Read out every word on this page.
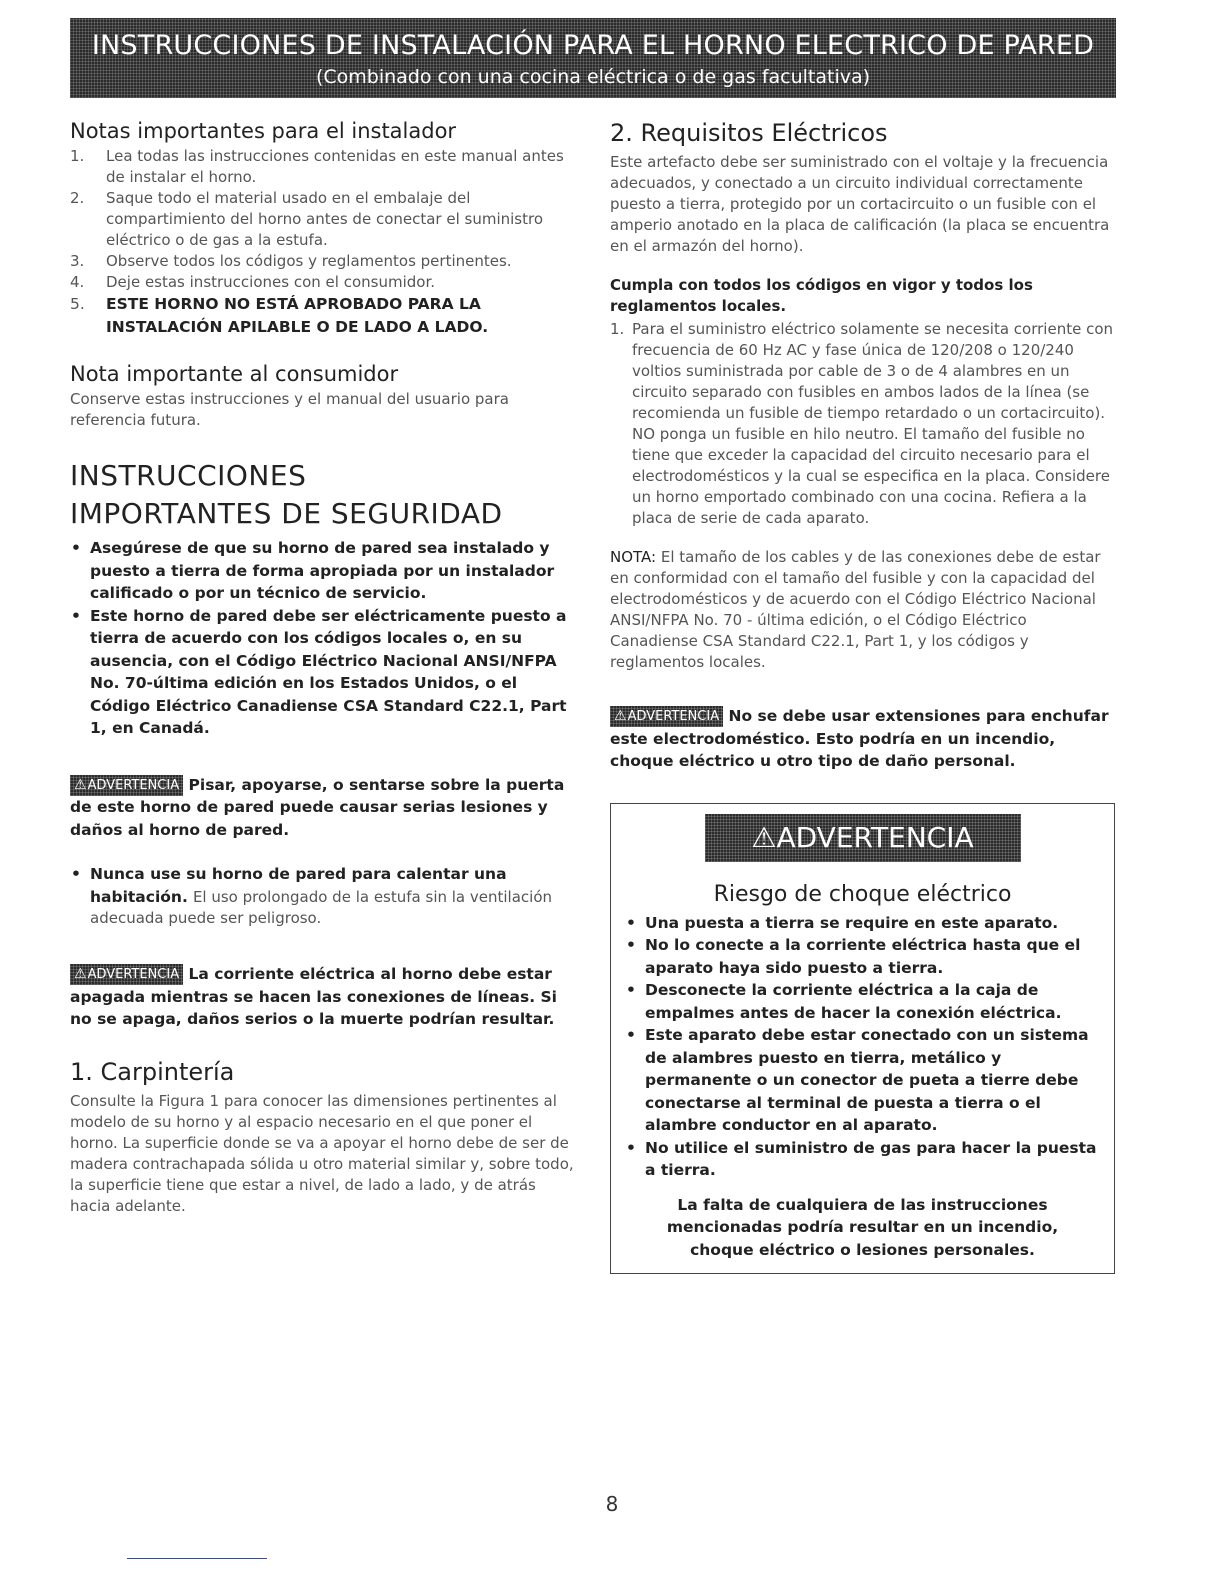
INSTRUCCIONES DE INSTALACIÓN PARA EL HORNO ELECTRICO DE PARED
(Combinado con una cocina eléctrica o de gas facultativa)
Notas importantes para el instalador
1. Lea todas las instrucciones contenidas en este manual antes de instalar el horno.
2. Saque todo el material usado en el embalaje del compartimiento del horno antes de conectar el suministro eléctrico o de gas a la estufa.
3. Observe todos los códigos y reglamentos pertinentes.
4. Deje estas instrucciones con el consumidor.
5. ESTE HORNO NO ESTÁ APROBADO PARA LA INSTALACIÓN APILABLE O DE LADO A LADO.
Nota importante al consumidor

Conserve estas instrucciones y el manual del usuario para referencia futura.

INSTRUCCIONES
IMPORTANTES DE SEGURIDAD
• Asegúrese de que su horno de pared sea instalado y puesto a tierra de forma apropiada por un instalador calificado o por un técnico de servicio.
• Este horno de pared debe ser eléctricamente puesto a tierra de acuerdo con los códigos locales o, en su ausencia, con el Código Eléctrico Nacional ANSI/NFPA No. 70-última edición en los Estados Unidos, o el Código Eléctrico Canadiense CSA Standard C22.1, Part 1, en Canadá.

⚠ADVERTENCIA Pisar, apoyarse, o sentarse sobre la puerta de este horno de pared puede causar serias lesiones y daños al horno de pared.

• Nunca use su horno de pared para calentar una habitación. El uso prolongado de la estufa sin la ventilación adecuada puede ser peligroso.

⚠ADVERTENCIA La corriente eléctrica al horno debe estar apagada mientras se hacen las conexiones de líneas. Si no se apaga, daños serios o la muerte podrían resultar.

1. Carpintería

Consulte la Figura 1 para conocer las dimensiones pertinentes al modelo de su horno y al espacio necesario en el que poner el horno. La superficie donde se va a apoyar el horno debe de ser de madera contrachapada sólida u otro material similar y, sobre todo, la superficie tiene que estar a nivel, de lado a lado, y de atrás hacia adelante.

2. Requisitos Eléctricos

Este artefacto debe ser suministrado con el voltaje y la frecuencia adecuados, y conectado a un circuito individual correctamente puesto a tierra, protegido por un cortacircuito o un fusible con el amperio anotado en la placa de calificación (la placa se encuentra en el armazón del horno).

Cumpla con todos los códigos en vigor y todos los reglamentos locales.

1. Para el suministro eléctrico solamente se necesita corriente con frecuencia de 60 Hz AC y fase única de 120/208 o 120/240 voltios suministrada por cable de 3 o de 4 alambres en un circuito separado con fusibles en ambos lados de la línea (se recomienda un fusible de tiempo retardado o un cortacircuito). NO ponga un fusible en hilo neutro. El tamaño del fusible no tiene que exceder la capacidad del circuito necesario para el electrodomésticos y la cual se especifica en la placa. Considere un horno emportado combinado con una cocina. Refiera a la placa de serie de cada aparato.

NOTA: El tamaño de los cables y de las conexiones debe de estar en conformidad con el tamaño del fusible y con la capacidad del electrodomésticos y de acuerdo con el Código Eléctrico Nacional ANSI/NFPA No. 70 - última edición, o el Código Eléctrico Canadiense CSA Standard C22.1, Part 1, y los códigos y reglamentos locales.

⚠ADVERTENCIA No se debe usar extensiones para enchufar este electrodoméstico. Esto podría en un incendio, choque eléctrico u otro tipo de daño personal.

⚠ADVERTENCIA
Riesgo de choque eléctrico
• Una puesta a tierra se require en este aparato.
• No lo conecte a la corriente eléctrica hasta que el aparato haya sido puesto a tierra.
• Desconecte la corriente eléctrica a la caja de empalmes antes de hacer la conexión eléctrica.
• Este aparato debe estar conectado con un sistema de alambres puesto en tierra, metálico y permanente o un conector de pueta a tierre debe conectarse al terminal de puesta a tierra o el alambre conductor en al aparato.
• No utilice el suministro de gas para hacer la puesta a tierra.
La falta de cualquiera de las instrucciones mencionadas podría resultar en un incendio, choque eléctrico o lesiones personales.
8
